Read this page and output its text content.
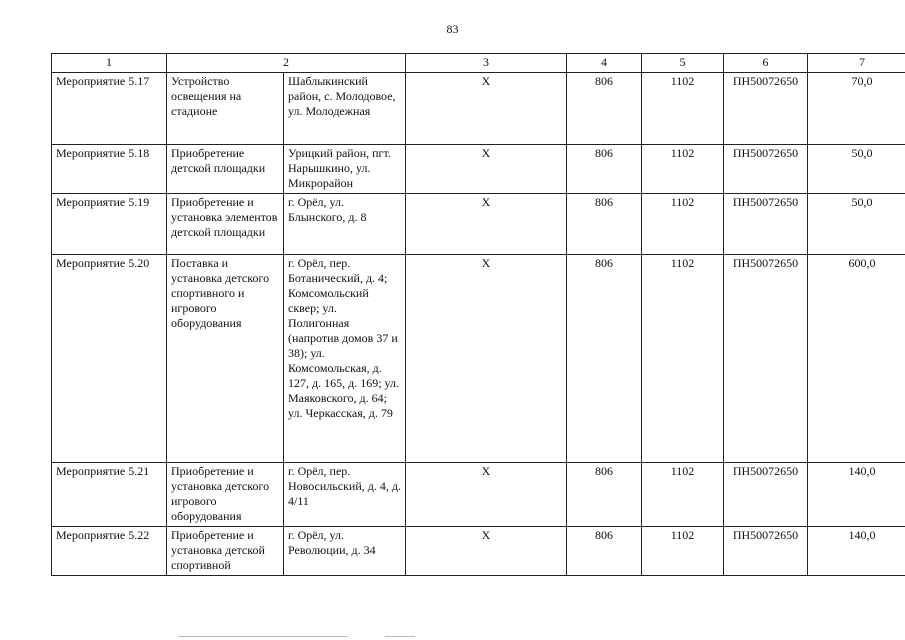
83
1	2		3	4	5	6	7
Мероприятие 5.17	Устройство освещения на стадионе	Шаблыкинский район, с. Молодовое, ул. Молодежная	X	806	1102	ПН50072650	70,0
Мероприятие 5.18	Приобретение детской площадки	Урицкий район, пгт. Нарышкино, ул. Микрорайон	X	806	1102	ПН50072650	50,0
Мероприятие 5.19	Приобретение и установка элементов детской площадки	г. Орёл, ул. Блынского, д. 8	X	806	1102	ПН50072650	50,0
Мероприятие 5.20	Поставка и установка детского спортивного и игрового оборудования	г. Орёл, пер. Ботанический, д. 4; Комсомольский сквер; ул. Полигонная (напротив домов 37 и 38); ул. Комсомольская, д. 127, д. 165, д. 169; ул. Маяковского, д. 64; ул. Черкасская, д. 79	X	806	1102	ПН50072650	600,0
Мероприятие 5.21	Приобретение и установка детского игрового оборудования	г. Орёл, пер. Новосильский, д. 4, д. 4/11	X	806	1102	ПН50072650	140,0
Мероприятие 5.22	Приобретение и установка детской спортивной	г. Орёл, ул. Революции, д. 34	X	806	1102	ПН50072650	140,0
